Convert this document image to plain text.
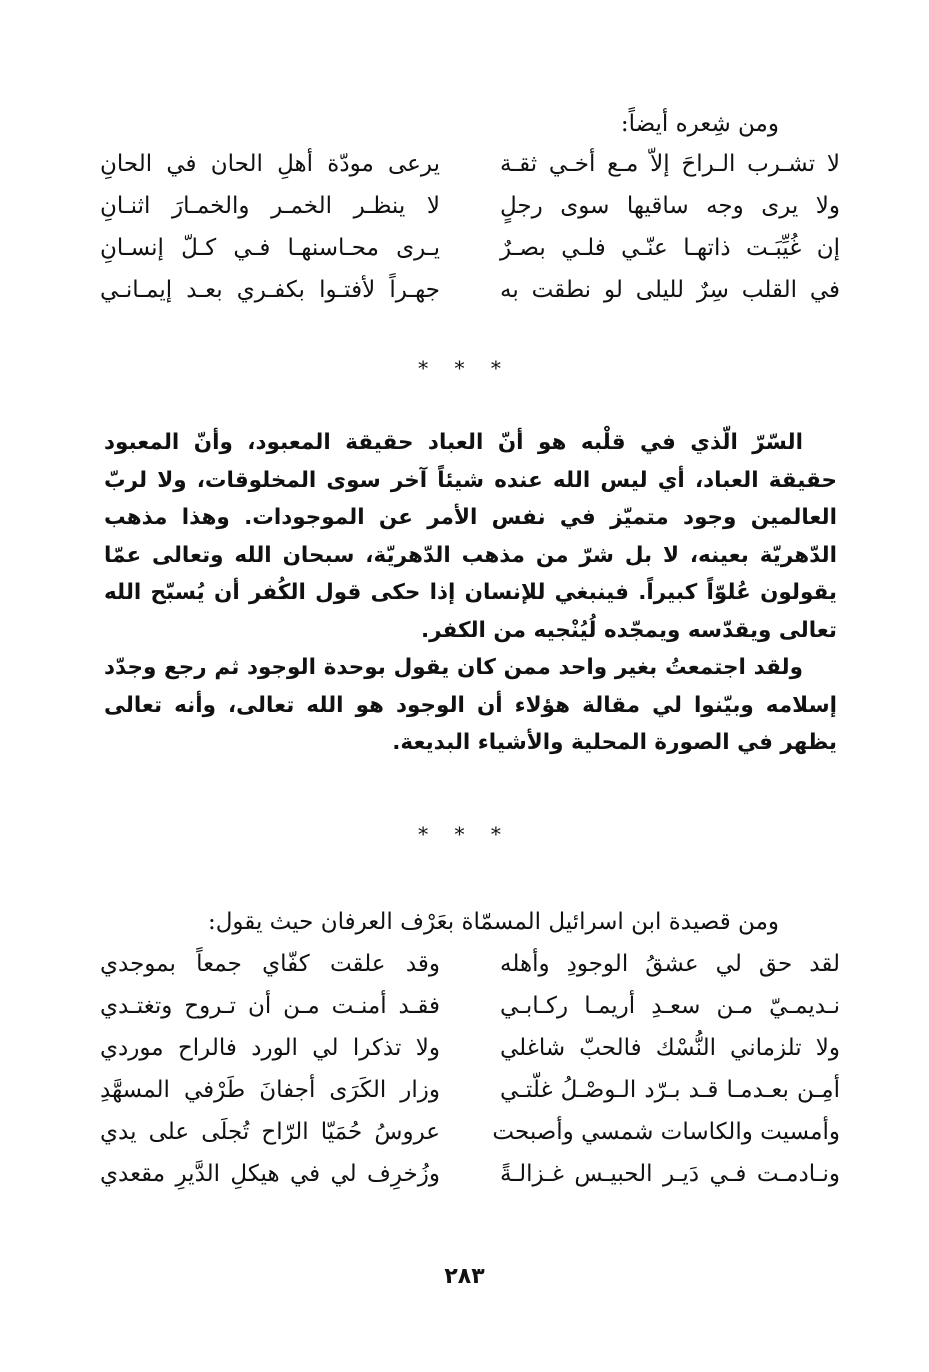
ومن شِعره أيضاً:
لا تشـرب الـراحَ إلاّ مـع أخـي ثقـة
يرعى مودّة أهلِ الحان في الحانِ
ولا يرى وجه ساقيها سوى رجلٍ
لا ينظـر الخمـر والخمـارَ اثنـانِ
إن غُيِّبَـت ذاتهـا عنّـي فلـي بصـرٌ
يـرى محـاسنهـا فـي كـلّ إنسـانِ
في القلب سِرٌ لليلى لو نطقت به
جهـراً لأفتـوا بكفـري بعـد إيمـانـي
* * *

السّرّ الّذي في قلْبه هو أنّ العباد حقيقة المعبود، وأنّ المعبود حقيقة العباد، أي ليس الله عنده شيئاً آخر سوى المخلوقات، ولا لربّ العالمين وجود متميّز في نفس الأمر عن الموجودات. وهذا مذهب الدّهريّة بعينه، لا بل شرّ من مذهب الدّهريّة، سبحان الله وتعالى عمّا يقولون عُلوّاً كبيراً. فينبغي للإنسان إذا حكى قول الكُفر أن يُسبّح الله تعالى ويقدّسه ويمجّده لُيُنْجيه من الكفر.

ولقد اجتمعتُ بغير واحد ممن كان يقول بوحدة الوجود ثم رجع وجدّد إسلامه وبيّنوا لي مقالة هؤلاء أن الوجود هو الله تعالى، وأنه تعالى يظهر في الصورة المحلية والأشياء البديعة.

* * *
ومن قصيدة ابن اسرائيل المسمّاة بعَرْف العرفان حيث يقول:
لقد حق لي عشقُ الوجودِ وأهله
وقد علقت كفّاي جمعاً بموجدي
نـديمـيّ مـن سعـدِ أريمـا ركـابـي
فقـد أمنـت مـن أن تـروح وتغتـدي
ولا تلزماني النُّسْك فالحبّ شاغلي
ولا تذكرا لي الورد فالراح موردي
أمِـن بعـدمـا قـد بـرّد الـوصْـلُ غلّتـي
وزار الكَرَى أجفانَ طَرْفي المسهَّدِ
وأمسيت والكاسات شمسي وأصبحت
عروسُ حُمَيّا الرّاح تُجلَى على يدي
ونـادمـت فـي دَيـر الحبيـس غـزالـةً
وزُخرِف لي في هيكلِ الدَّيرِ مقعدي
٢٨٣
